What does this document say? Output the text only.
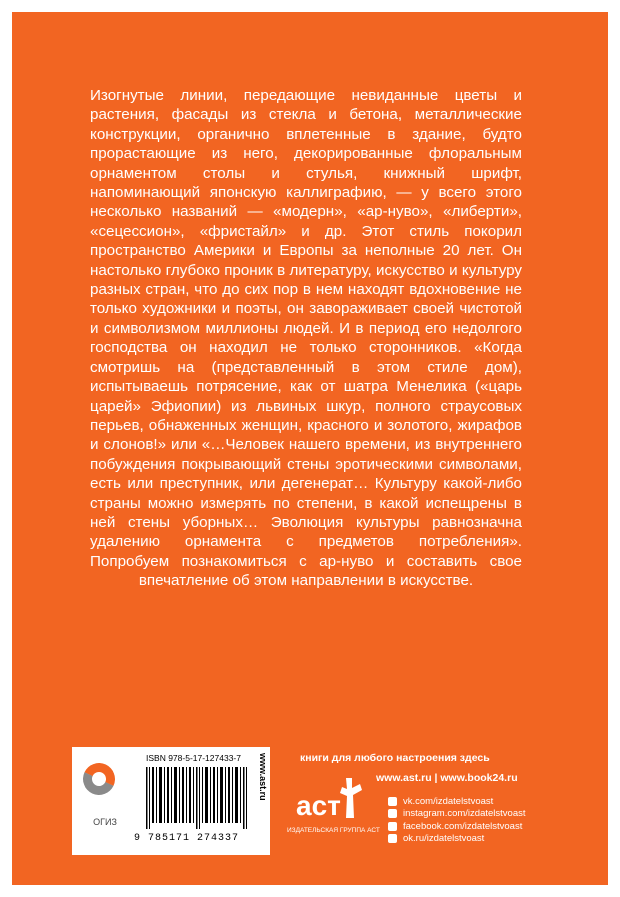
Изогнутые линии, передающие невиданные цветы и растения, фасады из стекла и бетона, металлические конструкции, органично вплетенные в здание, будто прорастающие из него, декорированные флоральным орнаментом столы и стулья, книжный шрифт, напоминающий японскую каллиграфию, — у всего этого несколько названий — «модерн», «ар-нуво», «либерти», «сецессион», «фристайл» и др. Этот стиль покорил пространство Америки и Европы за неполные 20 лет. Он настолько глубоко проник в литературу, искусство и культуру разных стран, что до сих пор в нем находят вдохновение не только художники и поэты, он завораживает своей чистотой и символизмом миллионы людей. И в период его недолгого господства он находил не только сторонников. «Когда смотришь на (представленный в этом стиле дом), испытываешь потрясение, как от шатра Менелика («царь царей» Эфиопии) из львиных шкур, полного страусовых перьев, обнаженных женщин, красного и золотого, жирафов и слонов!» или «…Человек нашего времени, из внутреннего побуждения покрывающий стены эротическими символами, есть или преступник, или дегенерат… Культуру какой-либо страны можно измерять по степени, в какой испещрены в ней стены уборных… Эволюция культуры равнозначна удалению орнамента с предметов потребления». Попробуем познакомиться с ар-нуво и составить свое впечатление об этом направлении в искусстве.
ОГИЗ
ISBN 978-5-17-127433-7
9 785171 274337
www.ast.ru	книги для любого настроения здесь
www.ast.ru | www.book24.ru
аст
ИЗДАТЕЛЬСКАЯ ГРУППА АСТ
vk.com/izdatelstvoast
instagram.com/izdatelstvoast
facebook.com/izdatelstvoast
ok.ru/izdatelstvoast
